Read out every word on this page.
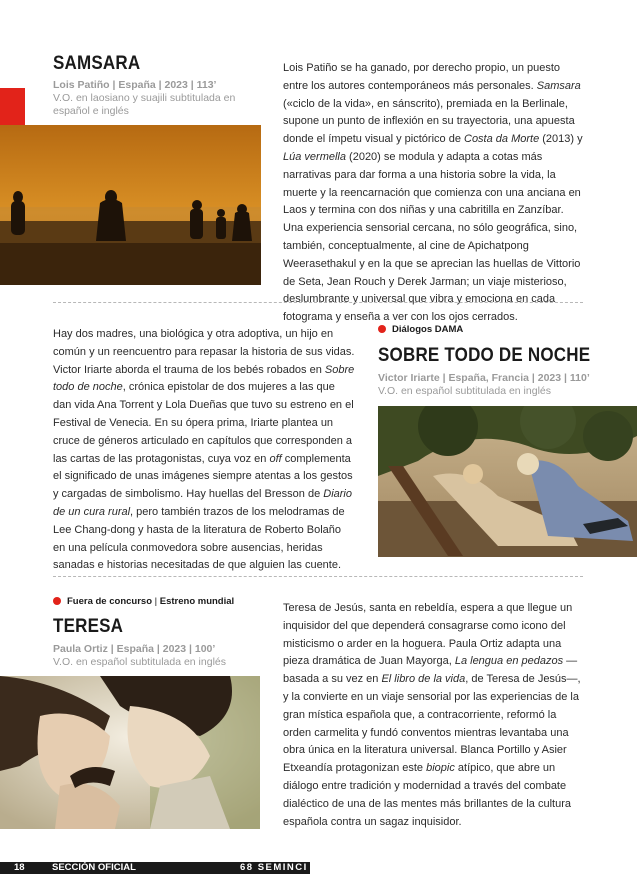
SAMSARA
Lois Patiño | España | 2023 | 113’
V.O. en laosiano y suajili subtitulada en
español e inglés
Lois Patiño se ha ganado, por derecho propio, un puesto entre los autores contemporáneos más personales. Samsara («ciclo de la vida», en sánscrito), premiada en la Berlinale, supone un punto de inflexión en su trayectoria, una apuesta donde el ímpetu visual y pictórico de Costa da Morte (2013) y Lúa vermella (2020) se modula y adapta a cotas más narrativas para dar forma a una historia sobre la vida, la muerte y la reencarnación que comienza con una anciana en Laos y termina con dos niñas y una cabritilla en Zanzíbar. Una experiencia sensorial cercana, no sólo geográfica, sino, también, conceptualmente, al cine de Apichatpong Weerasethakul y en la que se aprecian las huellas de Vittorio de Seta, Jean Rouch y Derek Jarman; un viaje misterioso, deslumbrante y universal que vibra y emociona en cada fotograma y enseña a ver con los ojos cerrados.
Hay dos madres, una biológica y otra adoptiva, un hijo en común y un reencuentro para repasar la historia de sus vidas. Victor Iriarte aborda el trauma de los bebés robados en Sobre todo de noche, crónica epistolar de dos mujeres a las que dan vida Ana Torrent y Lola Dueñas que tuvo su estreno en el Festival de Venecia. En su ópera prima, Iriarte plantea un cruce de géneros articulado en capítulos que corresponden a las cartas de las protagonistas, cuya voz en off complementa el significado de unas imágenes siempre atentas a los gestos y cargadas de simbolismo. Hay huellas del Bresson de Diario de un cura rural, pero también trazos de los melodramas de Lee Chang-dong y hasta de la literatura de Roberto Bolaño en una película conmovedora sobre ausencias, heridas sanadas e historias necesitadas de que alguien las cuente.
Diálogos DAMA
SOBRE TODO DE NOCHE
Victor Iriarte | España, Francia | 2023 | 110’
V.O. en español subtitulada en inglés
Fuera de concurso | Estreno mundial
TERESA
Paula Ortiz | España | 2023 | 100’
V.O. en español subtitulada en inglés
Teresa de Jesús, santa en rebeldía, espera a que llegue un inquisidor del que dependerá consagrarse como icono del misticismo o arder en la hoguera. Paula Ortiz adapta una pieza dramática de Juan Mayorga, La lengua en pedazos —basada a su vez en El libro de la vida, de Teresa de Jesús—, y la convierte en un viaje sensorial por las experiencias de la gran mística española que, a contracorriente, reformó la orden carmelita y fundó conventos mientras levantaba una obra única en la literatura universal. Blanca Portillo y Asier Etxeandía protagonizan este biopic atípico, que abre un diálogo entre tradición y modernidad a través del combate dialéctico de una de las mentes más brillantes de la cultura española contra un sagaz inquisidor.
18	SECCIÓN OFICIAL	68 SEMINCI
